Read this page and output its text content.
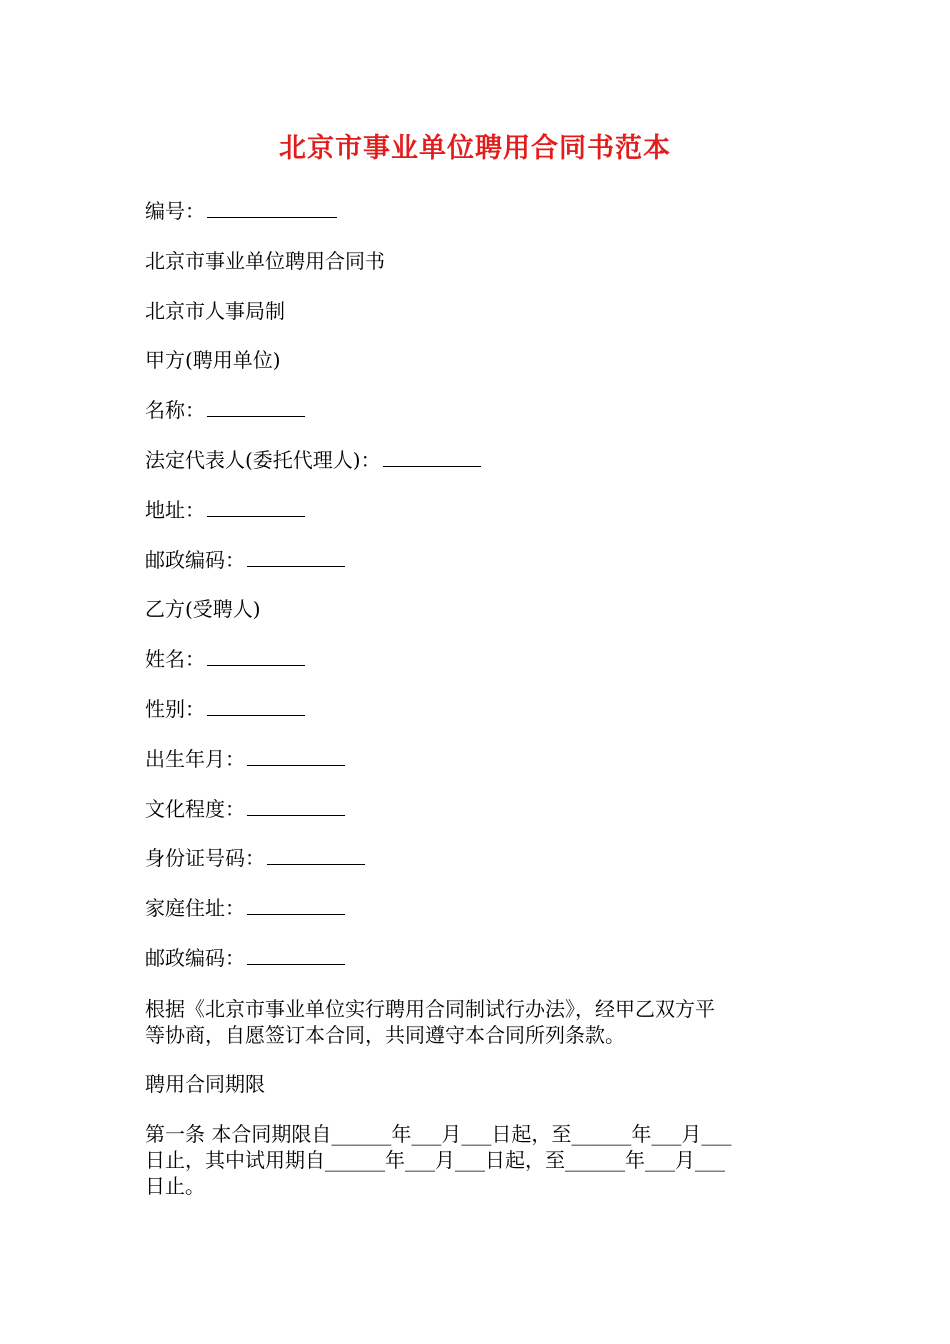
北京市事业单位聘用合同书范本
编号：
北京市事业单位聘用合同书
北京市人事局制
甲方(聘用单位)
名称：
法定代表人(委托代理人)：
地址：
邮政编码：
乙方(受聘人)
姓名：
性别：
出生年月：
文化程度：
身份证号码：
家庭住址：
邮政编码：
根据《北京市事业单位实行聘用合同制试行办法》，经甲乙双方平
等协商，自愿签订本合同，共同遵守本合同所列条款。
聘用合同期限
第一条 本合同期限自______年___月___日起，至______年___月___
日止，其中试用期自______年___月___日起，至______年___月___
日止。
